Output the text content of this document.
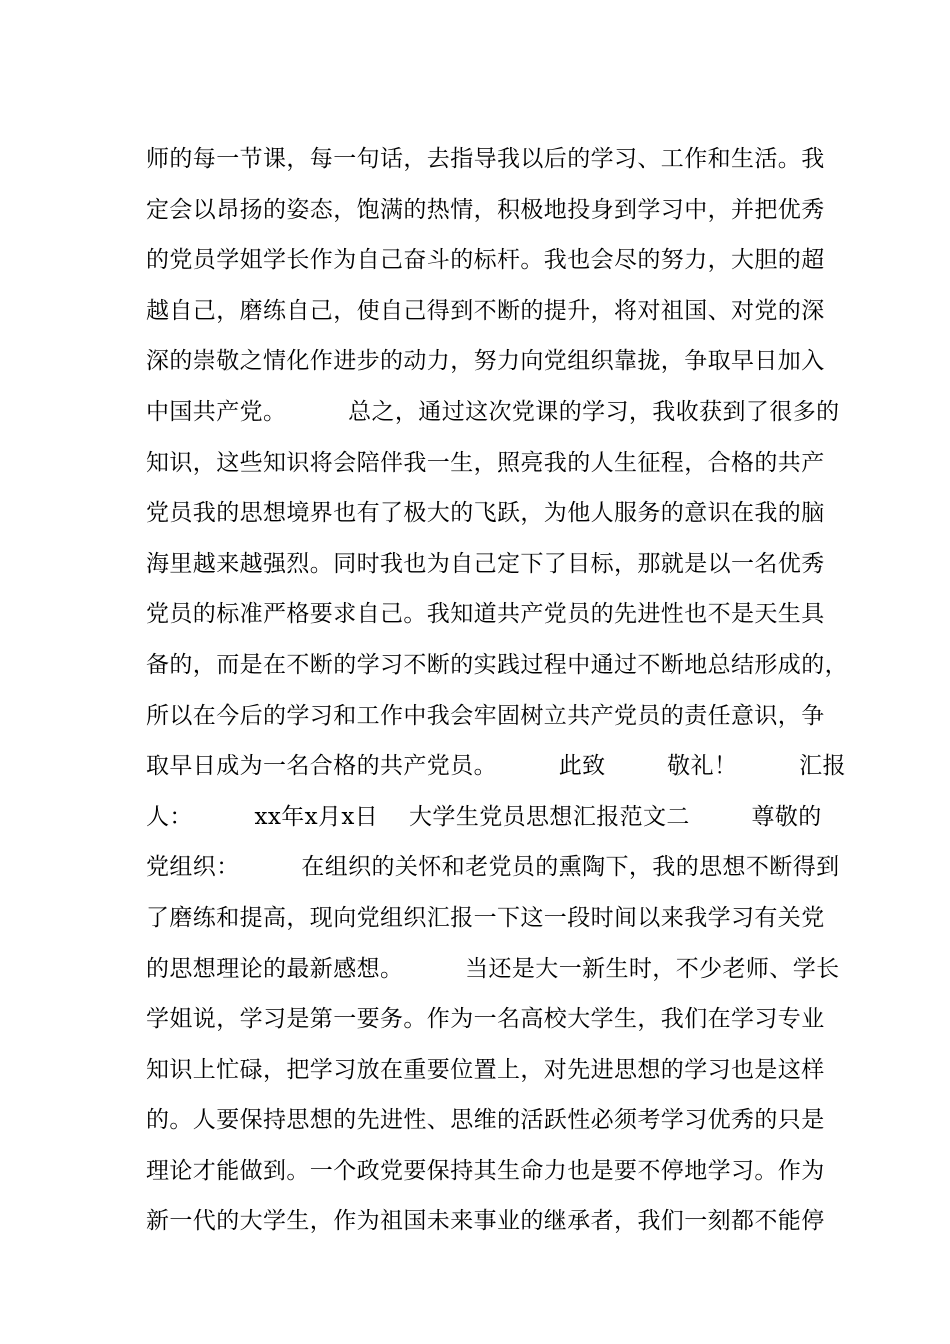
师的每一节课，每一句话，去指导我以后的学习、工作和生活。我
定会以昂扬的姿态，饱满的热情，积极地投身到学习中，并把优秀
的党员学姐学长作为自己奋斗的标杆。我也会尽的努力，大胆的超
越自己，磨练自己，使自己得到不断的提升，将对祖国、对党的深
深的崇敬之情化作进步的动力，努力向党组织靠拢，争取早日加入
中国共产党。        总之，通过这次党课的学习，我收获到了很多的
知识，这些知识将会陪伴我一生，照亮我的人生征程，合格的共产
党员我的思想境界也有了极大的飞跃，为他人服务的意识在我的脑
海里越来越强烈。同时我也为自己定下了目标，那就是以一名优秀
党员的标准严格要求自己。我知道共产党员的先进性也不是天生具
备的，而是在不断的学习不断的实践过程中通过不断地总结形成的，
所以在今后的学习和工作中我会牢固树立共产党员的责任意识，争
取早日成为一名合格的共产党员。        此致        敬礼！        汇报
人：        xx年x月x日    大学生党员思想汇报范文二        尊敬的
党组织：        在组织的关怀和老党员的熏陶下，我的思想不断得到
了磨练和提高，现向党组织汇报一下这一段时间以来我学习有关党
的思想理论的最新感想。        当还是大一新生时，不少老师、学长
学姐说，学习是第一要务。作为一名高校大学生，我们在学习专业
知识上忙碌，把学习放在重要位置上，对先进思想的学习也是这样
的。人要保持思想的先进性、思维的活跃性必须考学习优秀的只是
理论才能做到。一个政党要保持其生命力也是要不停地学习。作为
新一代的大学生，作为祖国未来事业的继承者，我们一刻都不能停
